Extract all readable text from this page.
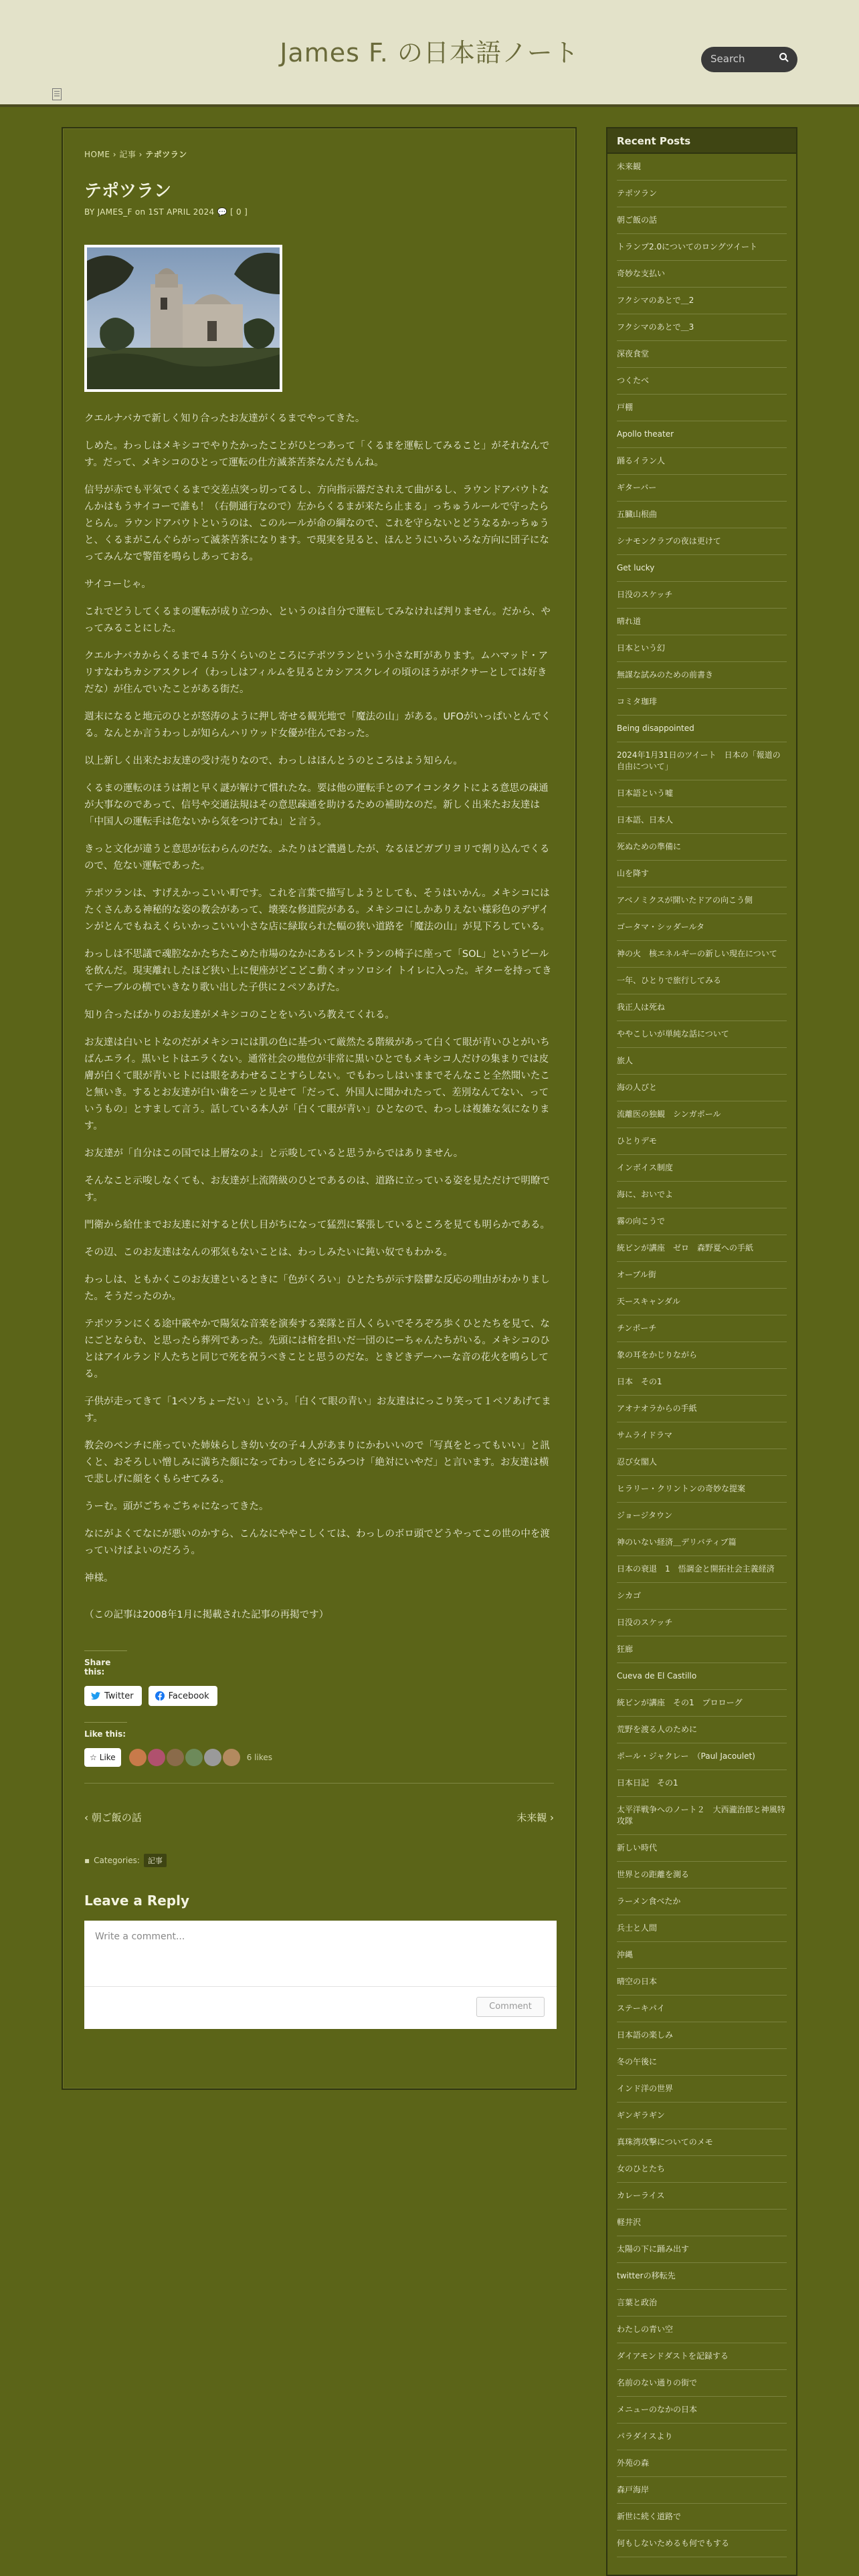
James F. の日本語ノート	Search
☰
HOME › 記事 › テポツラン
テポツラン
BY JAMES_F on 1ST APRIL 2024 💬 [ 0 ]

クエルナバカで新しく知り合ったお友達がくるまでやってきた。

しめた。わっしはメキシコでやりたかったことがひとつあって「くるまを運転してみること」がそれなんです。だって、メキシコのひとって運転の仕方滅茶苦茶なんだもんね。

信号が赤でも平気でくるまで交差点突っ切ってるし、方向指示器だされえて曲がるし、ラウンドアバウトなんかはもうサイコーで誰も！（右側通行なので）左からくるまが来たら止まる」っちゅうルールで守ったらとらん。ラウンドアバウトというのは、このルールが命の綱なので、これを守らないとどうなるかっちゅうと、くるまがこんぐらがって滅茶苦茶になります。で現実を見ると、ほんとうにいろいろな方向に団子になってみんなで警笛を鳴らしあっておる。

サイコーじゃ。

これでどうしてくるまの運転が成り立つか、というのは自分で運転してみなければ判りません。だから、やってみることにした。

クエルナバカからくるまで４５分くらいのところにテポツランという小さな町があります。ムハマッド・アリすなわちカシアスクレイ（わっしはフィルムを見るとカシアスクレイの頃のほうがボクサーとしては好きだな）が住んでいたことがある街だ。

週末になると地元のひとが怒涛のように押し寄せる観光地で「魔法の山」がある。UFOがいっぱいとんでくる。なんとか言うわっしが知らんハリウッド女優が住んでおった。

以上新しく出来たお友達の受け売りなので、わっしはほんとうのところはよう知らん。

くるまの運転のほうは割と早く謎が解けて慣れたな。要は他の運転手とのアイコンタクトによる意思の疎通が大事なのであって、信号や交通法規はその意思疎通を助けるための補助なのだ。新しく出来たお友達は「中国人の運転手は危ないから気をつけてね」と言う。

きっと文化が違うと意思が伝わらんのだな。ふたりはど濃過したが、なるほどガブリヨリで割り込んでくるので、危ない運転であった。

テポツランは、すげえかっこいい町です。これを言葉で描写しようとしても、そうはいかん。メキシコにはたくさんある神秘的な姿の教会があって、壊楽な修道院がある。メキシコにしかありえない様彩色のデザインがとんでもねえくらいかっこいい小さな店に緑取られた幅の狭い道路を「魔法の山」が見下ろしている。

わっしは不思議で魂腔なかたちたこめた市場のなかにあるレストランの椅子に座って「SOL」というビールを飲んだ。現実離れしたほど狭い上に便座がどこどこ動くオッソロシイ トイレに入った。ギターを持ってきてテーブルの横でいきなり歌い出した子供に２ペソあげた。

知り合ったばかりのお友達がメキシコのことをいろいろ教えてくれる。

お友達は白いヒトなのだがメキシコには肌の色に基づいて厳然たる階級があって白くて眼が青いひとがいちばんエライ。黒いヒトはエラくない。通常社会の地位が非常に黒いひとでもメキシコ人だけの集まりでは皮膚が白くて眼が青いヒトには眼をあわせることすらしない。でもわっしはいままでそんなこと全然聞いたこと無いき。するとお友達が白い歯をニッと見せて「だって、外国人に聞かれたって、差別なんてない、っていうもの」とすまして言う。話している本人が「白くて眼が青い」ひとなので、わっしは複雑な気になります。

お友達が「自分はこの国では上層なのよ」と示唆していると思うからではありません。

そんなこと示唆しなくても、お友達が上流階級のひとであるのは、道路に立っている姿を見ただけで明瞭です。

門衛から給仕までお友達に対すると伏し目がちになって猛烈に緊張しているところを見ても明らかである。

その辺、このお友達はなんの邪気もないことは、わっしみたいに鈍い奴でもわかる。

わっしは、ともかくこのお友達といるときに「色がくろい」ひとたちが示す陰鬱な反応の理由がわかりました。そうだったのか。

テポツランにくる途中霰やかで陽気な音楽を演奏する楽隊と百人くらいでそろぞろ歩くひとたちを見て、なにごとならむ、と思ったら葬列であった。先頭には棺を担いだ一団のにーちゃんたちがいる。メキシコのひとはアイルランド人たちと同じで死を祝うべきことと思うのだな。ときどきデーハーな音の花火を鳴らしてる。

子供が走ってきて「1ペソちょーだい」という。「白くて眼の青い」お友達はにっこり笑って１ペソあげてます。

教会のベンチに座っていた姉妹らしき幼い女の子４人があまりにかわいいので「写真をとってもいい」と訊くと、おそろしい憎しみに満ちた顔になってわっしをにらみつけ「絶対にいやだ」と言います。お友達は横で悲しげに顔をくもらせてみる。

うーむ。頭がごちゃごちゃになってきた。

なにがよくてなにが悪いのかすら、こんなにややこしくては、わっしのボロ頭でどうやってこの世の中を渡っていけばよいのだろう。

神様。

（この記事は2008年1月に掲載された記事の再掲です）

Share this:
Twitter	Facebook
Like this:
☆ Like	6 likes
‹ 朝ご飯の話	未来観 ›
▪ Categories:	記事
Leave a Reply
Write a comment...
Comment
Recent Posts
未来観
テポツラン
朝ご飯の話
トランプ2.0についてのロングツイート
奇妙な支払い
フクシマのあとで＿2
フクシマのあとで＿3
深夜食堂
つくたべ
戸棚
Apollo theater
踊るイラン人
ギターバー
五臓山根曲
シナモンクラブの夜は更けて
Get lucky
日没のスケッチ
晴れ道
日本という幻
無謀な試みのための前書き
コミタ珈琲
Being disappointed
2024年1月31日のツイート　日本の「報道の自由について」
日本語という嘘
日本語、日本人
死ぬための準備に
山を降す
アベノミクスが開いたドアの向こう側
ゴータマ・シッダールタ
神の火　核エネルギーの新しい現在について
一年、ひとりで旅行してみる
我正人は死ね
ややこしいが単純な話について
旅人
海の人びと
流離医の独観　シンガポール
ひとりデモ
インボイス制度
海に、おいでよ
霧の向こうで
統ビンが講座　ゼロ　森野夏への手紙
オーブル街
天ースキャンダル
チンポーチ
象の耳をかじりながら
日本　その1
アオナオラからの手紙
サムライドラマ
忍び女閣人
ヒラリー・クリントンの奇妙な提案
ジョージタウン
神のいない経済＿デリバティブ篇
日本の衰退　1　悟調金と開拓社会主義経済
シカゴ
日没のスケッチ
狂廊
Cueva de El Castillo
統ビンが講座　その1　プロローグ
荒野を渡る人のために
ポール・ジャクレー　（Paul Jacoulet)
日本日記　その1
太平洋戦争へのノート２　大西瀧治郎と神風特攻隊
新しい時代
世界との距離を測る
ラーメン食べたか
兵士と人間
沖縄
晴空の日本
ステーキパイ
日本語の楽しみ
冬の午後に
インド洋の世界
ギンギラギン
真珠湾攻撃についてのメモ
女のひとたち
カレーライス
軽井沢
太陽の下に踊み出す
twitterの移転先
言葉と政治
わたしの青い空
ダイアモンドダストを記録する
名前のない通りの街で
メニューのなかの日本
パラダイスより
外苑の森
森戸海岸
新世に続く道路で
何もしないためるも何でもする
